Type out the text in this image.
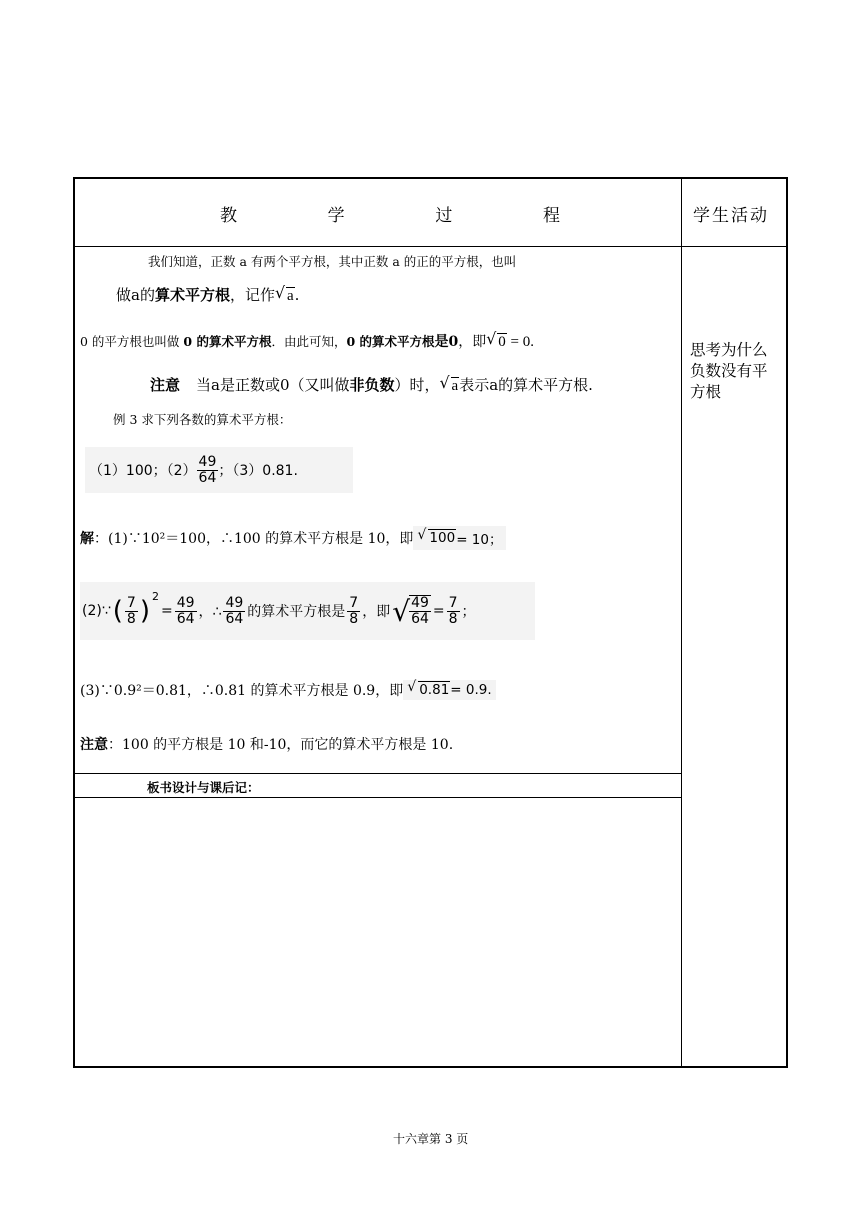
教	学	过	程	学生活动
思考为什么
负数没有平
方根
我们知道，正数 a 有两个平方根，其中正数 a 的正的平方根，也叫
做a的算术平方根，记作 √ a.
0 的平方根也叫做 0 的算术平方根．由此可知，0 的算术平方根是0，即 √ 0 = 0.
注意 当a是正数或0（又叫做非负数）时， √ a表示a的算术平方根.
例 3 求下列各数的算术平方根：
（1）100；$(2) \frac{49}{64}$ ；（3）0.81.
解 ：(1)∵10²＝100，∴100 的算术平方根是 10，即 √ 100 = 10；
(2)∵ ( $\frac{7}{8} )^2$
= $\frac{49}{64}$ ，∴ $\frac{49}{64}$ 的算术平方根是 $\frac{7}{8}$ ，即 √ $\frac{49}{64} = \frac{7}{8}$ ；
(3)∵0.9²＝0.81，∴0.81 的算术平方根是 0.9，即 √ 0.81 = 0.9.
注意：100 的平方根是 10 和-10，而它的算术平方根是 10.
板书设计与课后记：
十六章第 3 页
